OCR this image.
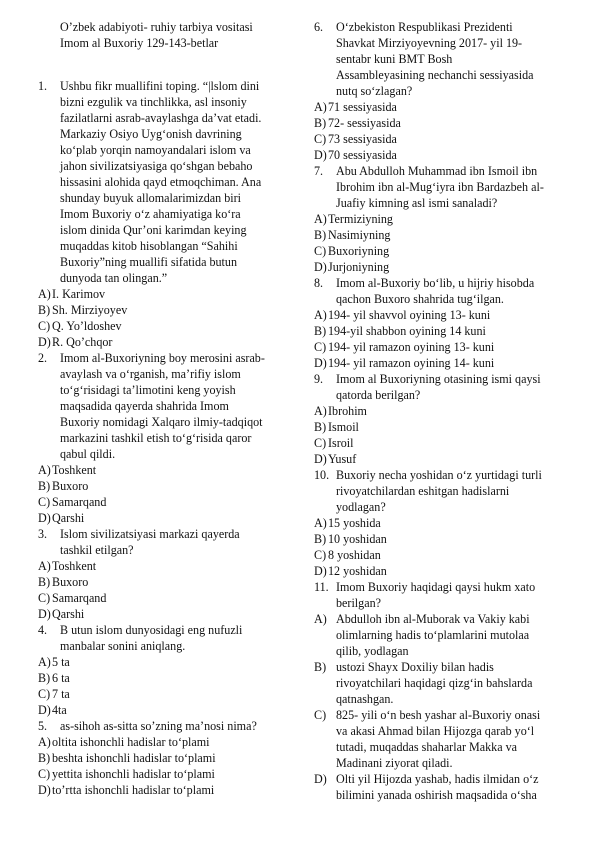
O’zbek adabiyoti- ruhiy tarbiya vositasi
Imom al Buxoriy 129-143-betlar
1. Ushbu fikr muallifini toping. “|lslom dini
bizni ezgulik va tinchlikka, asl insoniy
fazilatlarni asrab-avaylashga da’vat etadi.
Markaziy Osiyo Uyg‘onish davrining
ko‘plab yorqin namoyandalari islom va
jahon sivilizatsiyasiga qo‘shgan bebaho
hissasini alohida qayd etmoqchiman. Ana
shunday buyuk allomalarimizdan biri
Imom Buxoriy o‘z ahamiyatiga ko‘ra
islom dinida Qur’oni karimdan keying
muqaddas kitob hisoblangan “Sahihi
Buxoriy”ning muallifi sifatida butun
dunyoda tan olingan.”
A) I. Karimov
B) Sh. Mirziyoyev
C) Q. Yo’ldoshev
D) R. Qo’chqor
2. Imom al-Buxoriyning boy merosini asrab-
avaylash va o‘rganish, ma’rifiy islom
to‘g‘risidagi ta’limotini keng yoyish
maqsadida qayerda shahrida Imom
Buxoriy nomidagi Xalqaro ilmiy-tadqiqot
markazini tashkil etish to‘g‘risida qaror
qabul qildi.
A) Toshkent
B) Buxoro
C) Samarqand
D) Qarshi
3. Islom sivilizatsiyasi markazi qayerda
tashkil etilgan?
A) Toshkent
B) Buxoro
C) Samarqand
D) Qarshi
4. B utun islom dunyosidagi eng nufuzli
manbalar sonini aniqlang.
A) 5 ta
B) 6 ta
C) 7 ta
D) 4ta
5. as-sihoh as-sitta so’zning ma’nosi nima?
A) oltita ishonchli hadislar to‘plami
B) beshta ishonchli hadislar to‘plami
C) yettita ishonchli hadislar to‘plami
D) to’rtta ishonchli hadislar to‘plami
6. O‘zbekiston Respublikasi Prezidenti
Shavkat Mirziyoyevning 2017- yil 19-
sentabr kuni BMT Bosh
Assambleyasining nechanchi sessiyasida
nutq so‘zlagan?
A) 71 sessiyasida
B) 72- sessiyasida
C) 73 sessiyasida
D) 70 sessiyasida
7. Abu Abdulloh Muhammad ibn Ismoil ibn
Ibrohim ibn al-Mug‘iyra ibn Bardazbeh al-
Juafiy kimning asl ismi sanaladi?
A) Termiziyning
B) Nasimiyning
C) Buxoriyning
D) Jurjoniyning
8. Imom al-Buxoriy bo‘lib, u hijriy hisobda
qachon Buxoro shahrida tug‘ilgan.
A) 194- yil shavvol oyining 13- kuni
B) 194-yil shabbon oyining 14 kuni
C) 194- yil ramazon oyining 13- kuni
D) 194- yil ramazon oyining 14- kuni
9. Imom al Buxoriyning otasining ismi qaysi
qatorda berilgan?
A) Ibrohim
B) Ismoil
C) Isroil
D) Yusuf
10. Buxoriy necha yoshidan o‘z yurtidagi turli
rivoyatchilardan eshitgan hadislarni
yodlagan?
A) 15 yoshida
B) 10 yoshidan
C) 8 yoshidan
D) 12 yoshidan
11. Imom Buxoriy haqidagi qaysi hukm xato
berilgan?
A) Abdulloh ibn al-Muborak va Vakiy kabi
olimlarning hadis to‘plamlarini mutolaa
qilib, yodlagan
B) ustozi Shayx Doxiliy bilan hadis
rivoyatchilari haqidagi qizg‘in bahslarda
qatnashgan.
C) 825- yili o‘n besh yashar al-Buxoriy onasi
va akasi Ahmad bilan Hijozga qarab yo‘l
tutadi, muqaddas shaharlar Makka va
Madinani ziyorat qiladi.
D) Olti yil Hijozda yashab, hadis ilmidan o‘z
bilimini yanada oshirish maqsadida o‘sha
